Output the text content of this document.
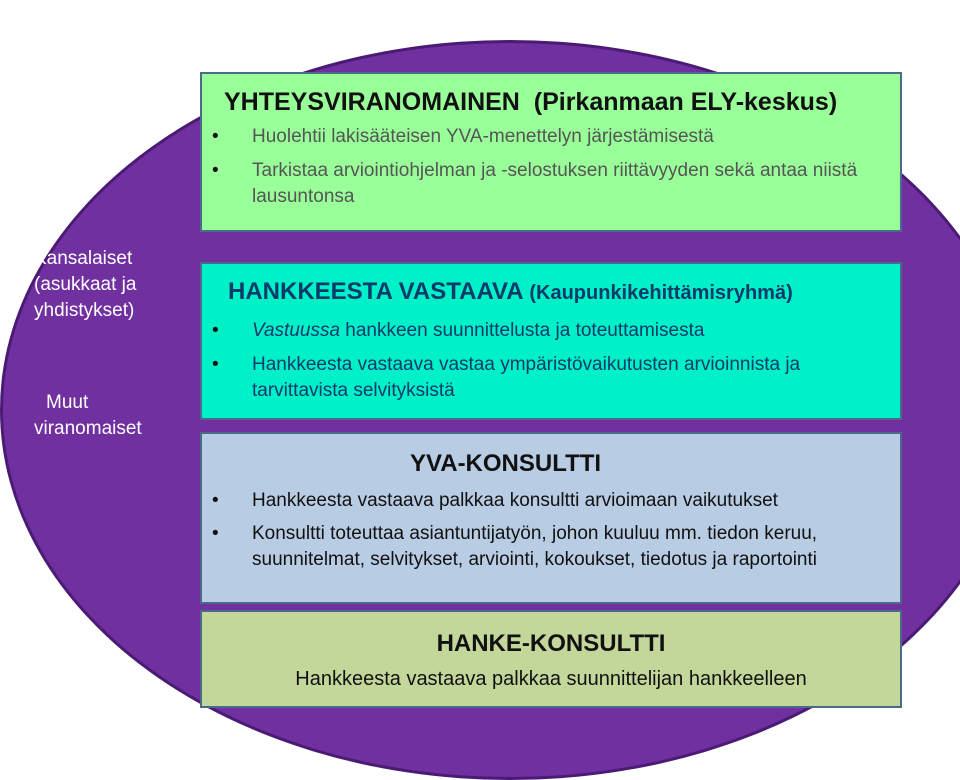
Kansalaiset
(asukkaat ja
yhdistykset)
Muut
viranomaiset
YHTEYSVIRANOMAINEN  (Pirkanmaan ELY-keskus)
• Huolehtii lakisääteisen YVA-menettelyn järjestämisestä
• Tarkistaa arviointiohjelman ja -selostuksen riittävyyden sekä antaa niistä lausuntonsa
HANKKEESTA VASTAAVA (Kaupunkikehittämisryhmä)
• Vastuussa hankkeen suunnittelusta ja toteuttamisesta
• Hankkeesta vastaava vastaa ympäristövaikutusten arvioinnista ja tarvittavista selvityksistä
YVA-KONSULTTI
• Hankkeesta vastaava palkkaa konsultti arvioimaan vaikutukset
• Konsultti toteuttaa asiantuntijatyön, johon kuuluu mm. tiedon keruu, suunnitelmat, selvitykset, arviointi, kokoukset, tiedotus ja raportointi
HANKE-KONSULTTI
Hankkeesta vastaava palkkaa suunnittelijan hankkeelleen
